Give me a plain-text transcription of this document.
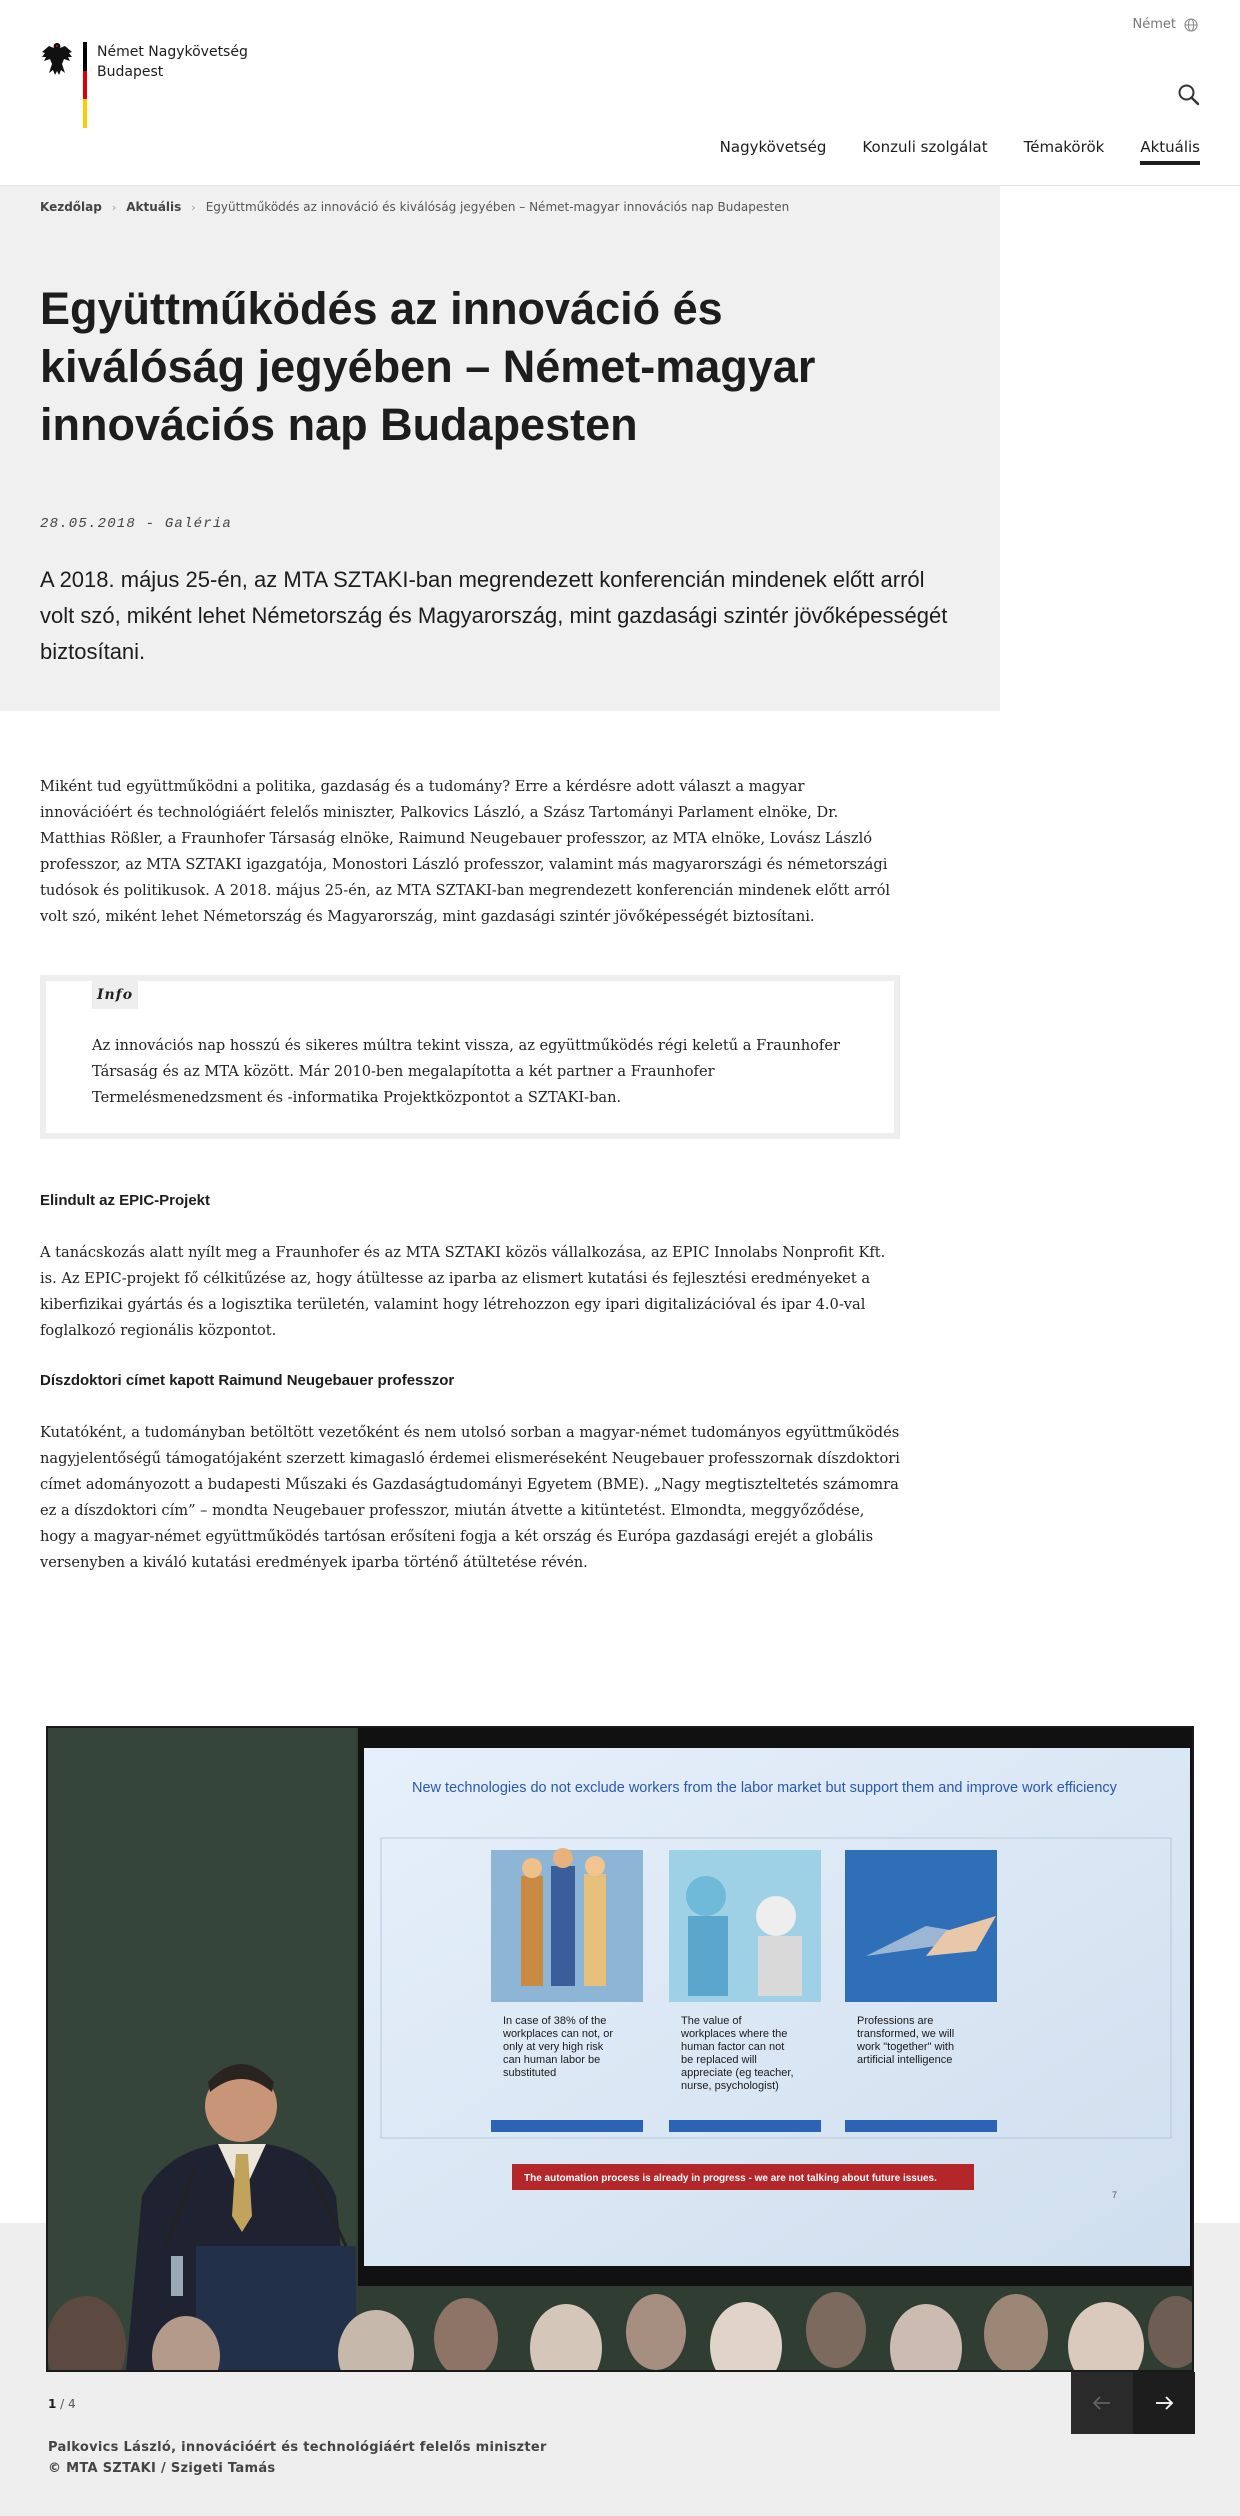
Német Nagykövetség
Budapest
Német
Nagykövetség Konzuli szolgálat Témakörök Aktuális
Kezdőlap › Aktuális › Együttműködés az innováció és kiválóság jegyében – Német-magyar innovációs nap Budapesten
Együttműködés az innováció és kiválóság jegyében – Német-magyar innovációs nap Budapesten
28.05.2018 - Galéria

A 2018. május 25-én, az MTA SZTAKI-ban megrendezett konferencián mindenek előtt arról volt szó, miként lehet Németország és Magyarország, mint gazdasági szintér jövőképességét biztosítani.

Miként tud együttműködni a politika, gazdaság és a tudomány? Erre a kérdésre adott választ a magyar innovációért és technológiáért felelős miniszter, Palkovics László, a Szász Tartományi Parlament elnöke, Dr. Matthias Rößler, a Fraunhofer Társaság elnöke, Raimund Neugebauer professzor, az MTA elnöke, Lovász László professzor, az MTA SZTAKI igazgatója, Monostori László professzor, valamint más magyarországi és németországi tudósok és politikusok. A 2018. május 25-én, az MTA SZTAKI-ban megrendezett konferencián mindenek előtt arról volt szó, miként lehet Németország és Magyarország, mint gazdasági szintér jövőképességét biztosítani.

Info

Az innovációs nap hosszú és sikeres múltra tekint vissza, az együttműködés régi keletű a Fraunhofer Társaság és az MTA között. Már 2010-ben megalapította a két partner a Fraunhofer Termelésmenedzsment és -informatika Projektközpontot a SZTAKI-ban.

Elindult az EPIC-Projekt

A tanácskozás alatt nyílt meg a Fraunhofer és az MTA SZTAKI közös vállalkozása, az EPIC Innolabs Nonprofit Kft. is. Az EPIC-projekt fő célkitűzése az, hogy átültesse az iparba az elismert kutatási és fejlesztési eredményeket a kiberfizikai gyártás és a logisztika területén, valamint hogy létrehozzon egy ipari digitalizációval és ipar 4.0-val foglalkozó regionális központot.

Díszdoktori címet kapott Raimund Neugebauer professzor

Kutatóként, a tudományban betöltött vezetőként és nem utolsó sorban a magyar-német tudományos együttműködés nagyjelentőségű támogatójaként szerzett kimagasló érdemei elismeréseként Neugebauer professzornak díszdoktori címet adományozott a budapesti Műszaki és Gazdaságtudományi Egyetem (BME). „Nagy megtiszteltetés számomra ez a díszdoktori cím” – mondta Neugebauer professzor, miután átvette a kitüntetést. Elmondta, meggyőződése, hogy a magyar-német együttműködés tartósan erősíteni fogja a két ország és Európa gazdasági erejét a globális versenyben a kiváló kutatási eredmények iparba történő átültetése révén.

New technologies do not exclude workers from the labor market but support them and improve work efficiency
In case of 38% of the
workplaces can not, or
only at very high risk
can human labor be
substituted
The value of
workplaces where the
human factor can not
be replaced will
appreciate (eg teacher,
nurse, psychologist)
Professions are
transformed, we will
work "together" with
artificial intelligence
The automation process is already in progress - we are not talking about future issues.
7
1 / 4
Palkovics László, innovációért és technológiáért felelős miniszter
© MTA SZTAKI / Szigeti Tamás
